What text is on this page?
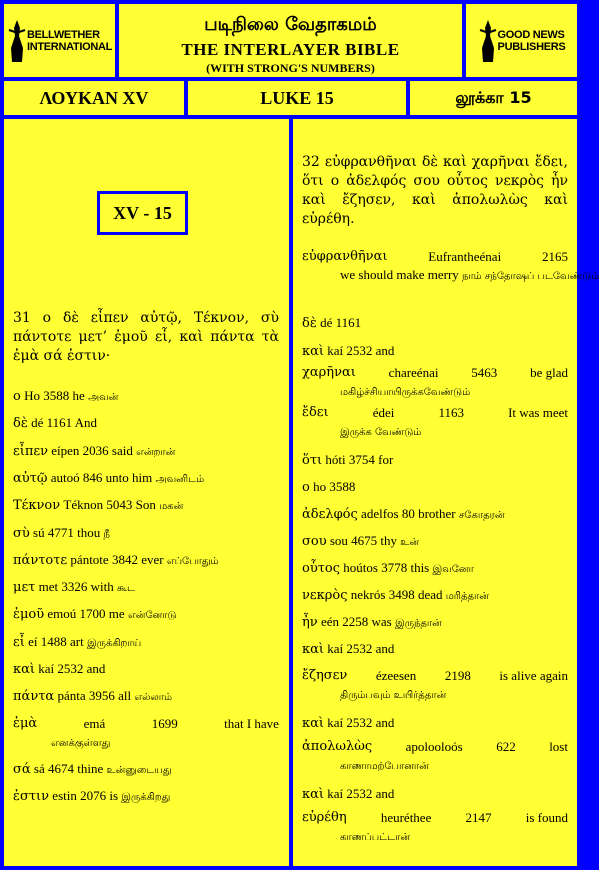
BELLWETHER
INTERNATIONAL
படிநிலை வேதாகமம்
THE INTERLAYER BIBLE
(WITH STRONG'S NUMBERS)
GOOD NEWS
PUBLISHERS
ΛΟΥΚΑΝ XV	LUKE 15	லூக்கா 15
XV - 15
31 ο δὲ εἶπεν αὐτῷ, Τέκνον, σὺ πάντοτε μετ’ ἐμοῦ εἶ, καὶ πάντα τὰ ἐμὰ σά ἐστιν·
ο Ho 3588 he அவன்
δὲ dé 1161 And
εἶπεν eípen 2036 said என்றான்
αὐτῷ autoó 846 unto him அவனிடம்
Τέκνον Téknon 5043 Son மகன்
σὺ sú 4771 thou நீ
πάντοτε pántote 3842 ever எப்போதும்
μετ met 3326 with கூட
ἐμοῦ emoú 1700 me என்னோடு
εἶ eí 1488 art இருக்கிறாய்
καὶ kaí 2532 and
πάντα pánta 3956 all எல்லாம்
ἐμὰ	emá	1699	that I have
எனக்குள்ளது
σά sá 4674 thine உன்னுடையது
ἐστιν estin 2076 is இருக்கிறது
32 εὐφρανθῆναι δὲ καὶ χαρῆναι ἔδει, ὅτι ο ἀδελφός σου οὗτος νεκρὸς ἦν καὶ ἔζησεν, καὶ ἀπολωλὼς καὶ εὑρέθη.
εὐφρανθῆναι	Eufrantheénai	2165
we should make merry நாம் சந்தோஷப் படவேண்டும்
δὲ dé 1161
καὶ kaí 2532 and
χαρῆναι	chareénai	5463	be glad
மகிழ்ச்சியாயிருக்கவேண்டும்
ἔδει	édei	1163	It was meet
இருக்க வேண்டும்
ὅτι hóti 3754 for
ο ho 3588
ἀδελφός adelfos 80 brother சகோதரன்
σου sou 4675 thy உன்
οὗτος hoútos 3778 this இவனோ
νεκρὸς nekrós 3498 dead மரித்தான்
ἦν eén 2258 was இருந்தான்
καὶ kaí 2532 and
ἔζησεν ézeesen 2198 is alive again
திரும்பவும் உயிர்த்தான்
καὶ kaí 2532 and
ἀπολωλὼς	apolooloós	622	lost
காணாமற்போனான்
καὶ kaí 2532 and
εὑρέθη	heuréthee	2147	is found
காணப்பட்டான்
